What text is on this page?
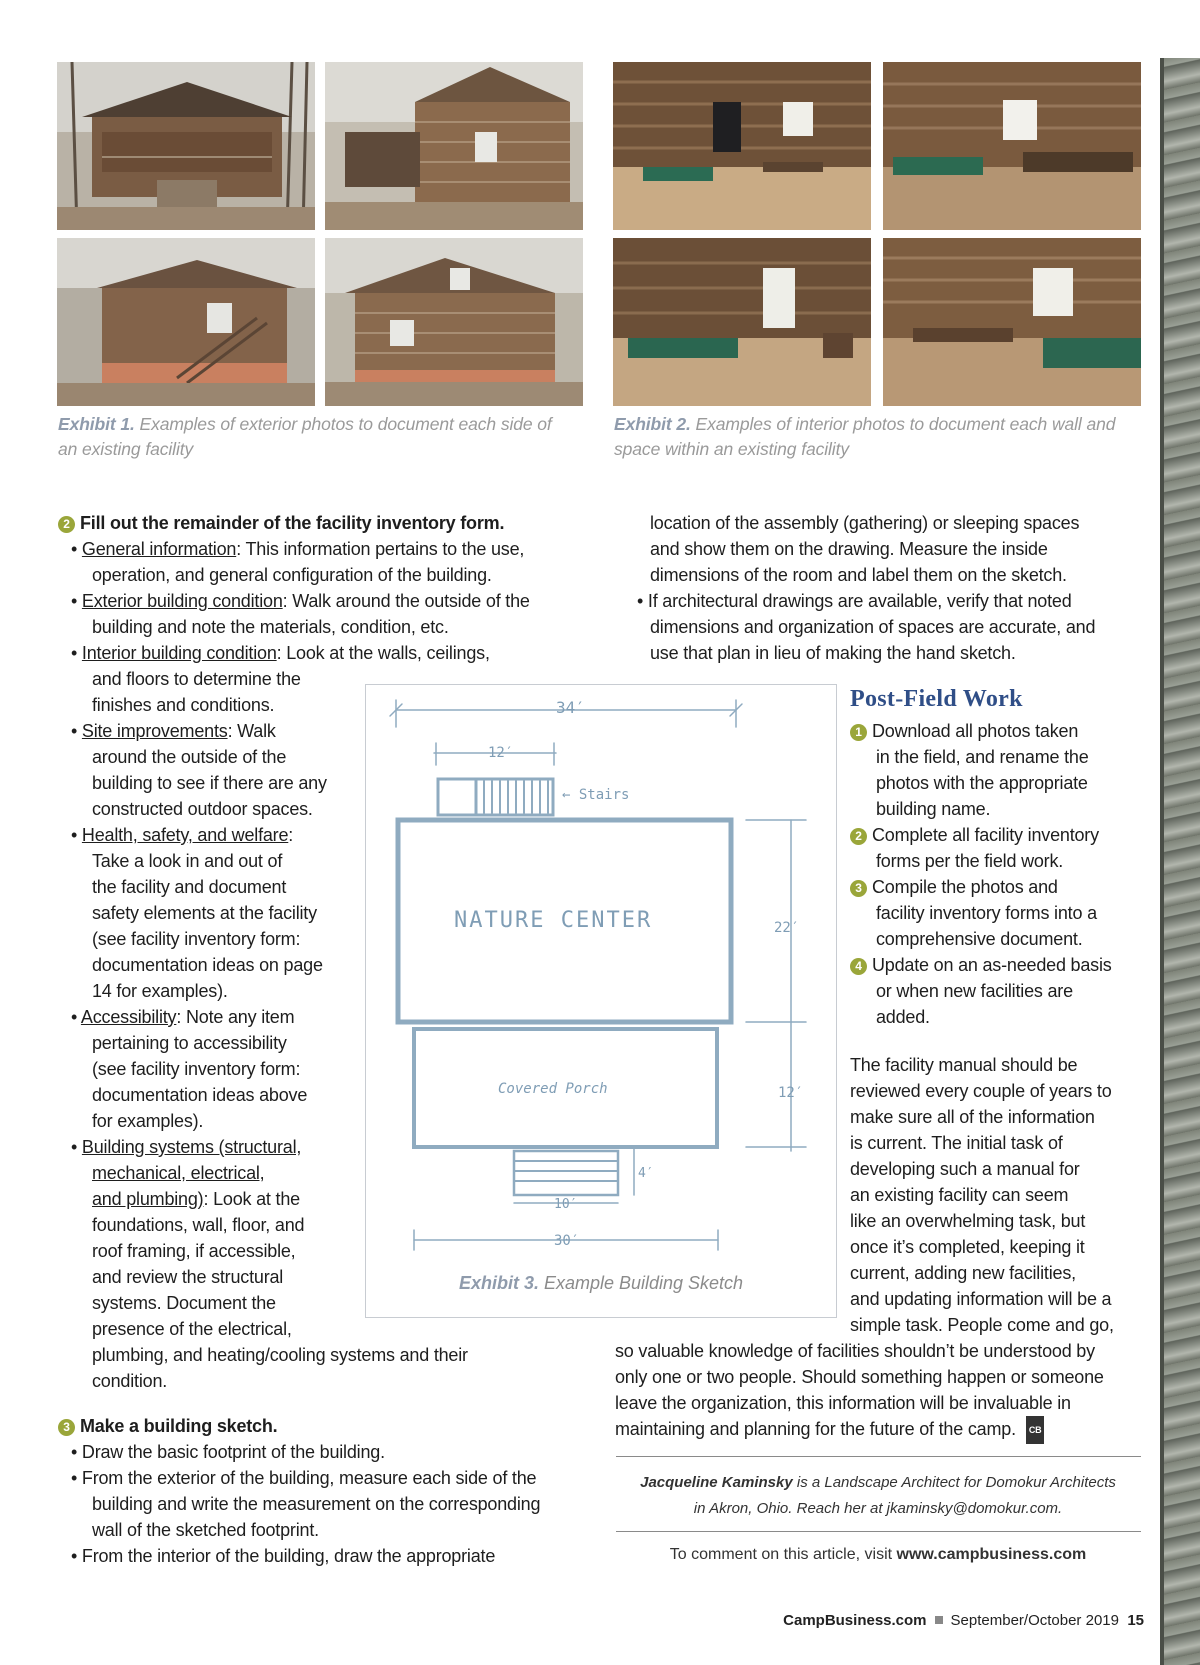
Exhibit 1. Examples of exterior photos to document each side of
an existing facility
Exhibit 2. Examples of interior photos to document each wall and
space within an existing facility
2 Fill out the remainder of the facility inventory form.
• General information: This information pertains to the use,
operation, and general configuration of the building.
• Exterior building condition: Walk around the outside of the
building and note the materials, condition, etc.
• Interior building condition: Look at the walls, ceilings,
and floors to determine the
finishes and conditions.
• Site improvements: Walk
around the outside of the
building to see if there are any
constructed outdoor spaces.
• Health, safety, and welfare:
Take a look in and out of
the facility and document
safety elements at the facility
(see facility inventory form:
documentation ideas on page
14 for examples).
• Accessibility: Note any item
pertaining to accessibility
(see facility inventory form:
documentation ideas above
for examples).
• Building systems (structural,
mechanical, electrical,
and plumbing): Look at the
foundations, wall, floor, and
roof framing, if accessible,
and review the structural
systems. Document the
presence of the electrical,
plumbing, and heating/cooling systems and their
condition.
3 Make a building sketch.
• Draw the basic footprint of the building.
• From the exterior of the building, measure each side of the
building and write the measurement on the corresponding
wall of the sketched footprint.
• From the interior of the building, draw the appropriate
location of the assembly (gathering) or sleeping spaces
and show them on the drawing. Measure the inside
dimensions of the room and label them on the sketch.
• If architectural drawings are available, verify that noted
dimensions and organization of spaces are accurate, and
use that plan in lieu of making the hand sketch.
Post-Field Work
1 Download all photos taken
in the field, and rename the
photos with the appropriate
building name.
2 Complete all facility inventory
forms per the field work.
3 Compile the photos and
facility inventory forms into a
comprehensive document.
4 Update on an as-needed basis
or when new facilities are
added.
The facility manual should be
reviewed every couple of years to
make sure all of the information
is current. The initial task of
developing such a manual for
an existing facility can seem
like an overwhelming task, but
once it’s completed, keeping it
current, adding new facilities,
and updating information will be a
simple task. People come and go,
so valuable knowledge of facilities shouldn’t be understood by
only one or two people. Should something happen or someone
leave the organization, this information will be invaluable in
maintaining and planning for the future of the camp. CB
34′
12′
← Stairs
NATURE CENTER	22′
Covered Porch	12′
4′
10′
30′
Exhibit 3. Example Building Sketch
Jacqueline Kaminsky is a Landscape Architect for Domokur Architects
in Akron, Ohio. Reach her at jkaminsky@domokur.com.
To comment on this article, visit www.campbusiness.com
CampBusiness.com September/October 2019 15
